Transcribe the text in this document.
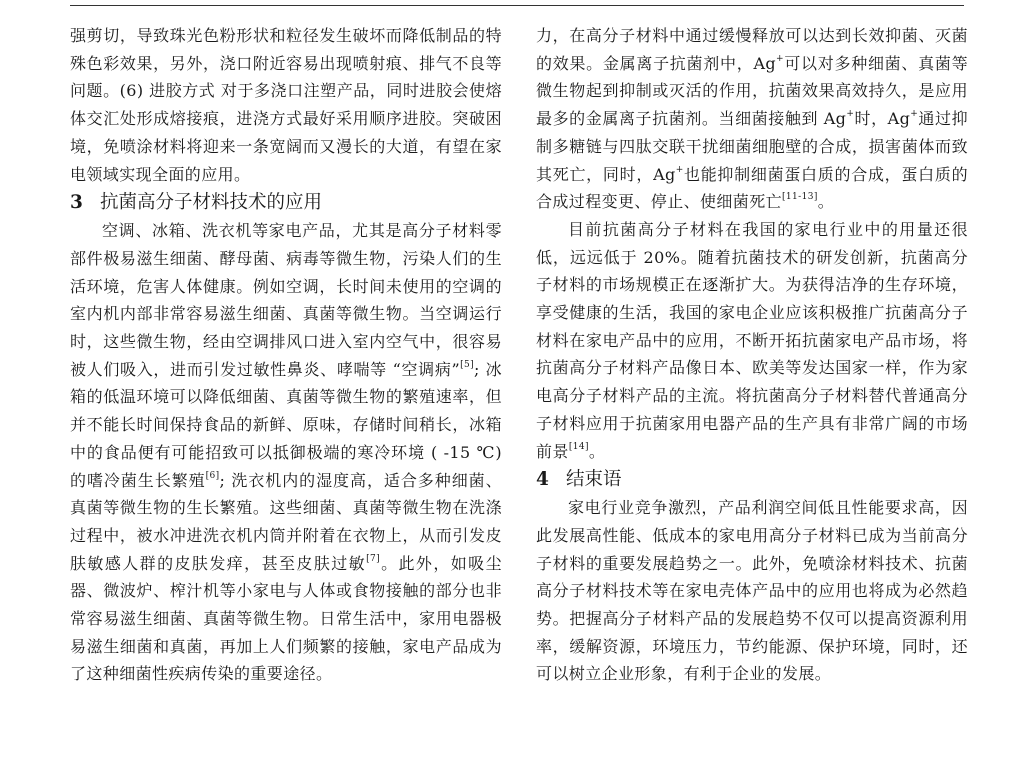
强剪切，导致珠光色粉形状和粒径发生破坏而降低制品的特殊色彩效果，另外，浇口附近容易出现喷射痕、排气不良等问题。(6) 进胶方式 对于多浇口注塑产品，同时进胶会使熔体交汇处形成熔接痕，进浇方式最好采用顺序进胶。突破困境，免喷涂材料将迎来一条宽阔而又漫长的大道，有望在家电领域实现全面的应用。

3 抗菌高分子材料技术的应用

空调、冰箱、洗衣机等家电产品，尤其是高分子材料零部件极易滋生细菌、酵母菌、病毒等微生物，污染人们的生活环境，危害人体健康。例如空调，长时间未使用的空调的室内机内部非常容易滋生细菌、真菌等微生物。当空调运行时，这些微生物，经由空调排风口进入室内空气中，很容易被人们吸入，进而引发过敏性鼻炎、哮喘等 “空调病”[5]; 冰箱的低温环境可以降低细菌、真菌等微生物的繁殖速率，但并不能长时间保持食品的新鲜、原味，存储时间稍长，冰箱中的食品便有可能招致可以抵御极端的寒冷环境 ( -15 ℃) 的嗜冷菌生长繁殖[6]; 洗衣机内的湿度高，适合多种细菌、真菌等微生物的生长繁殖。这些细菌、真菌等微生物在洗涤过程中，被水冲进洗衣机内筒并附着在衣物上，从而引发皮肤敏感人群的皮肤发痒，甚至皮肤过敏[7]。此外，如吸尘器、微波炉、榨汁机等小家电与人体或食物接触的部分也非常容易滋生细菌、真菌等微生物。日常生活中，家用电器极易滋生细菌和真菌，再加上人们频繁的接触，家电产品成为了这种细菌性疾病传染的重要途径。

力，在高分子材料中通过缓慢释放可以达到长效抑菌、灭菌的效果。金属离子抗菌剂中，Ag+可以对多种细菌、真菌等微生物起到抑制或灭活的作用，抗菌效果高效持久，是应用最多的金属离子抗菌剂。当细菌接触到 Ag+时，Ag+通过抑制多糖链与四肽交联干扰细菌细胞壁的合成，损害菌体而致其死亡，同时，Ag+也能抑制细菌蛋白质的合成，蛋白质的合成过程变更、停止、使细菌死亡[11-13]。

目前抗菌高分子材料在我国的家电行业中的用量还很低，远远低于 20%。随着抗菌技术的研发创新，抗菌高分子材料的市场规模正在逐渐扩大。为获得洁净的生存环境，享受健康的生活，我国的家电企业应该积极推广抗菌高分子材料在家电产品中的应用，不断开拓抗菌家电产品市场，将抗菌高分子材料产品像日本、欧美等发达国家一样，作为家电高分子材料产品的主流。将抗菌高分子材料替代普通高分子材料应用于抗菌家用电器产品的生产具有非常广阔的市场前景[14]。

4 结束语

家电行业竞争激烈，产品利润空间低且性能要求高，因此发展高性能、低成本的家电用高分子材料已成为当前高分子材料的重要发展趋势之一。此外，免喷涂材料技术、抗菌高分子材料技术等在家电壳体产品中的应用也将成为必然趋势。把握高分子材料产品的发展趋势不仅可以提高资源利用率，缓解资源，环境压力，节约能源、保护环境，同时，还可以树立企业形象，有利于企业的发展。
